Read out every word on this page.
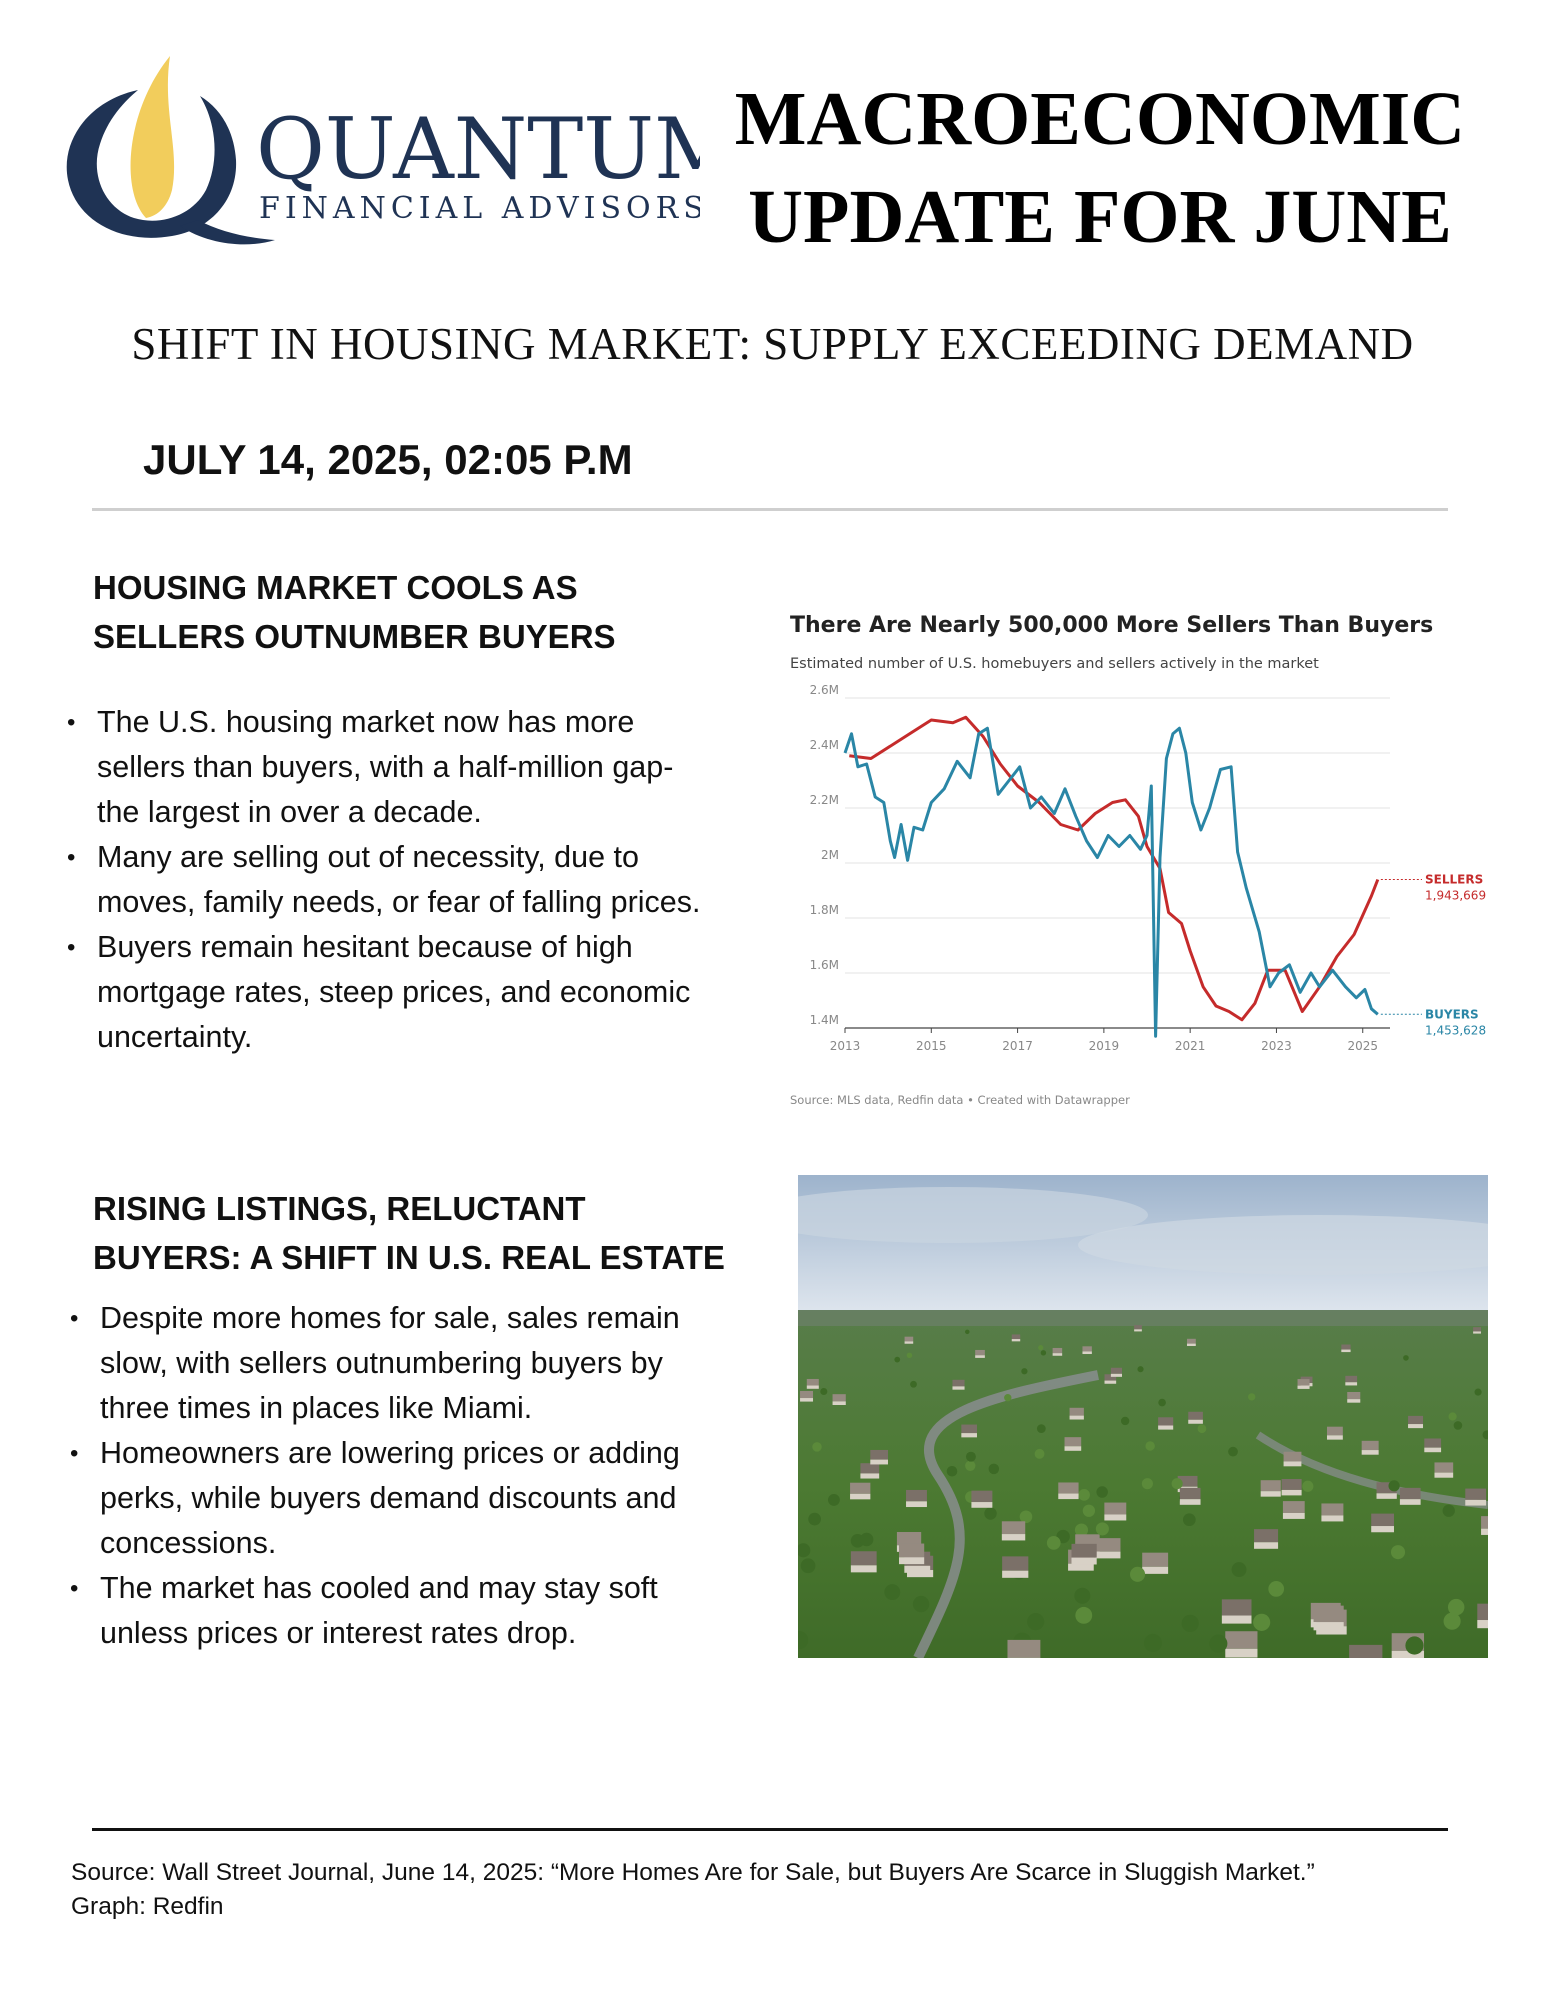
QUANTUM
FINANCIAL ADVISORS
MACROECONOMIC
UPDATE FOR JUNE
SHIFT IN HOUSING MARKET: SUPPLY EXCEEDING DEMAND
JULY 14, 2025, 02:05 P.M
HOUSING MARKET COOLS AS
SELLERS OUTNUMBER BUYERS
• The U.S. housing market now has more
sellers than buyers, with a half-million gap-
the largest in over a decade.
• Many are selling out of necessity, due to
moves, family needs, or fear of falling prices.
• Buyers remain hesitant because of high
mortgage rates, steep prices, and economic
uncertainty.
There Are Nearly 500,000 More Sellers Than Buyers
Estimated number of U.S. homebuyers and sellers actively in the market
1.4M
1.6M
1.8M
2M
2.2M
2.4M
2.6M
2013	2015	2017	2019	2021	2023	2025
SELLERS
1,943,669
BUYERS
1,453,628
Source: MLS data, Redfin data • Created with Datawrapper
RISING LISTINGS, RELUCTANT
BUYERS: A SHIFT IN U.S. REAL ESTATE
• Despite more homes for sale, sales remain
slow, with sellers outnumbering buyers by
three times in places like Miami.
• Homeowners are lowering prices or adding
perks, while buyers demand discounts and
concessions.
• The market has cooled and may stay soft
unless prices or interest rates drop.
Source: Wall Street Journal, June 14, 2025: “More Homes Are for Sale, but Buyers Are Scarce in Sluggish Market.”
Graph: Redfin
